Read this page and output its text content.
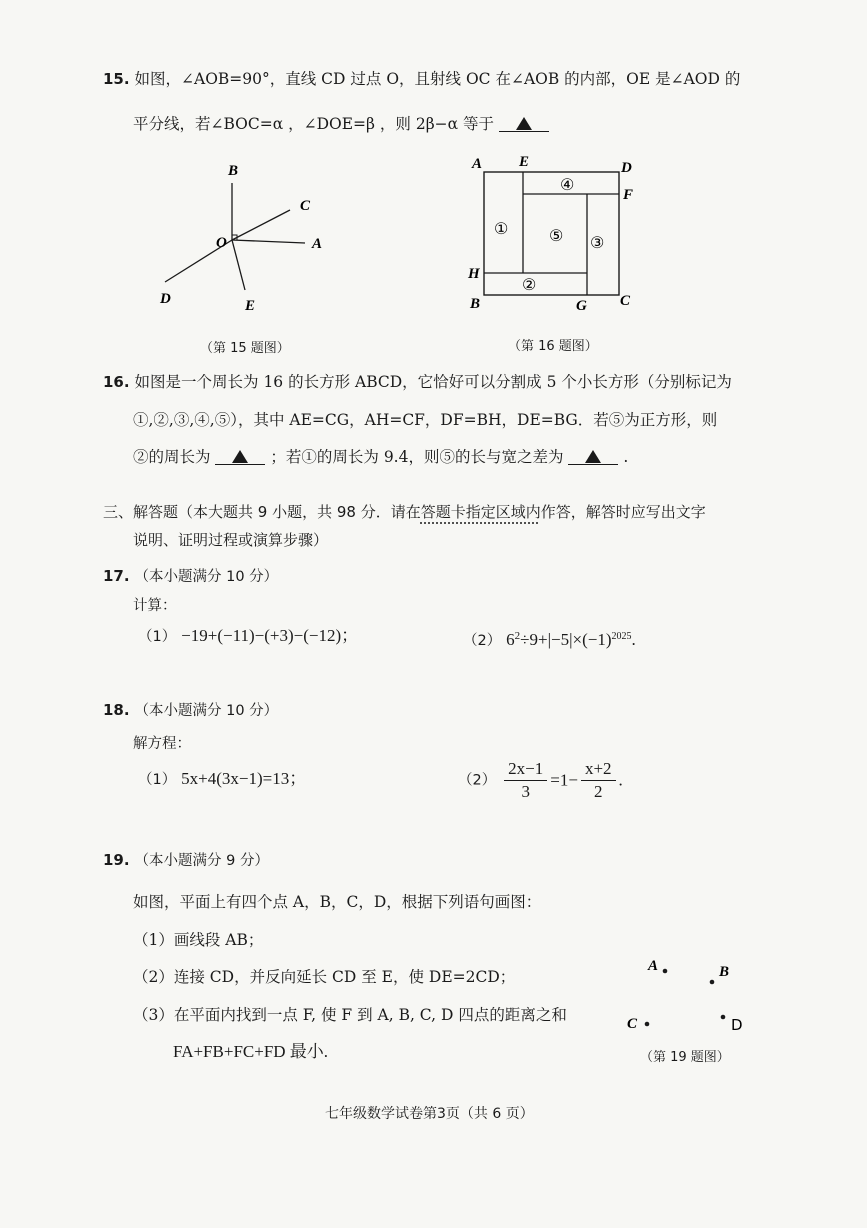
15. 如图，∠AOB=90°，直线 CD 过点 O，且射线 OC 在∠AOB 的内部，OE 是∠AOD 的
平分线，若∠BOC=α ，∠DOE=β ，则 2β−α 等于
B
C
O	A
D	E
（第 15 题图）
A E	D
F
H
B	G C
①
②
③
④
⑤
（第 16 题图）
16. 如图是一个周长为 16 的长方形 ABCD，它恰好可以分割成 5 个小长方形（分别标记为
①,②,③,④,⑤），其中 AE=CG，AH=CF，DF=BH，DE=BG．若⑤为正方形，则
②的周长为	；若①的周长为 9.4，则⑤的长与宽之差为	.
三、解答题（本大题共 9 小题，共 98 分．请在答题卡指定区域内作答，解答时应写出文字
说明、证明过程或演算步骤）
17. （本小题满分 10 分）
计算：
（1） −19+(−11)−(+3)−(−12)；	（2） $6^2\div 9+|-5|\times(-1)^{2025}$.
18. （本小题满分 10 分）
解方程：
（1） 5x+4(3x−1)=13；	$(2) \frac{2x-1}{3} =1- \frac{x+2}{2}$ .
19. （本小题满分 9 分）
如图，平面上有四个点 A，B，C，D，根据下列语句画图：
（1）画线段 AB；
（2）连接 CD，并反向延长 CD 至 E，使 DE=2CD；
（3）在平面内找到一点 F, 使 F 到 A, B, C, D 四点的距离之和
FA+FB+FC+FD 最小.
A	B
C	D
（第 19 题图）
七年级数学试卷第3页（共 6 页）
